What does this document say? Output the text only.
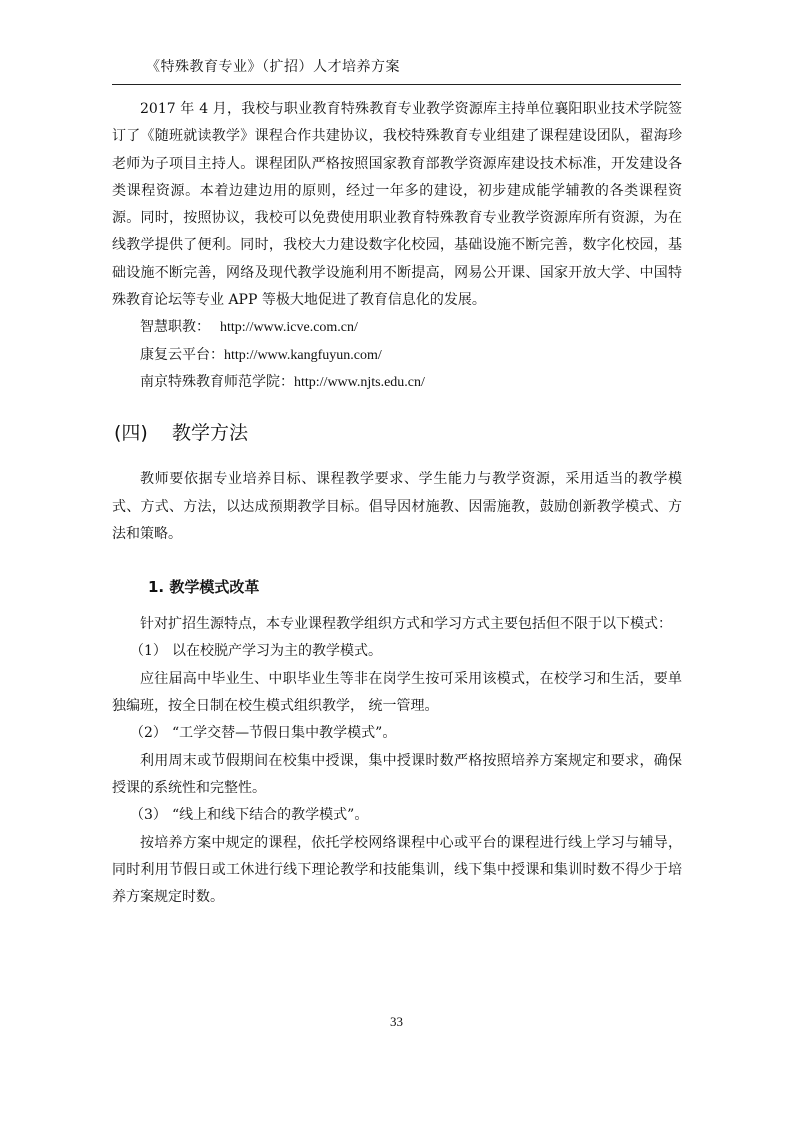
《特殊教育专业》（扩招）人才培养方案

2017 年 4 月，我校与职业教育特殊教育专业教学资源库主持单位襄阳职业技术学院签订了《随班就读教学》课程合作共建协议，我校特殊教育专业组建了课程建设团队，翟海珍老师为子项目主持人。课程团队严格按照国家教育部教学资源库建设技术标准，开发建设各类课程资源。本着边建边用的原则，经过一年多的建设，初步建成能学辅教的各类课程资源。同时，按照协议，我校可以免费使用职业教育特殊教育专业教学资源库所有资源，为在线教学提供了便利。同时，我校大力建设数字化校园，基础设施不断完善，数字化校园，基础设施不断完善，网络及现代教学设施利用不断提高，网易公开课、国家开放大学、中国特殊教育论坛等专业 APP 等极大地促进了教育信息化的发展。

智慧职教： http://www.icve.com.cn/
康复云平台：http://www.kangfuyun.com/
南京特殊教育师范学院：http://www.njts.edu.cn/
(四) 教学方法

教师要依据专业培养目标、课程教学要求、学生能力与教学资源，采用适当的教学模式、方式、方法，以达成预期教学目标。倡导因材施教、因需施教，鼓励创新教学模式、方法和策略。

1. 教学模式改革

针对扩招生源特点，本专业课程教学组织方式和学习方式主要包括但不限于以下模式：

（1） 以在校脱产学习为主的教学模式。

应往届高中毕业生、中职毕业生等非在岗学生按可采用该模式，在校学习和生活，要单独编班，按全日制在校生模式组织教学， 统一管理。

（2） “工学交替—节假日集中教学模式”。

利用周末或节假期间在校集中授课，集中授课时数严格按照培养方案规定和要求，确保授课的系统性和完整性。

（3） “线上和线下结合的教学模式”。

按培养方案中规定的课程，依托学校网络课程中心或平台的课程进行线上学习与辅导，同时利用节假日或工休进行线下理论教学和技能集训，线下集中授课和集训时数不得少于培养方案规定时数。

33
